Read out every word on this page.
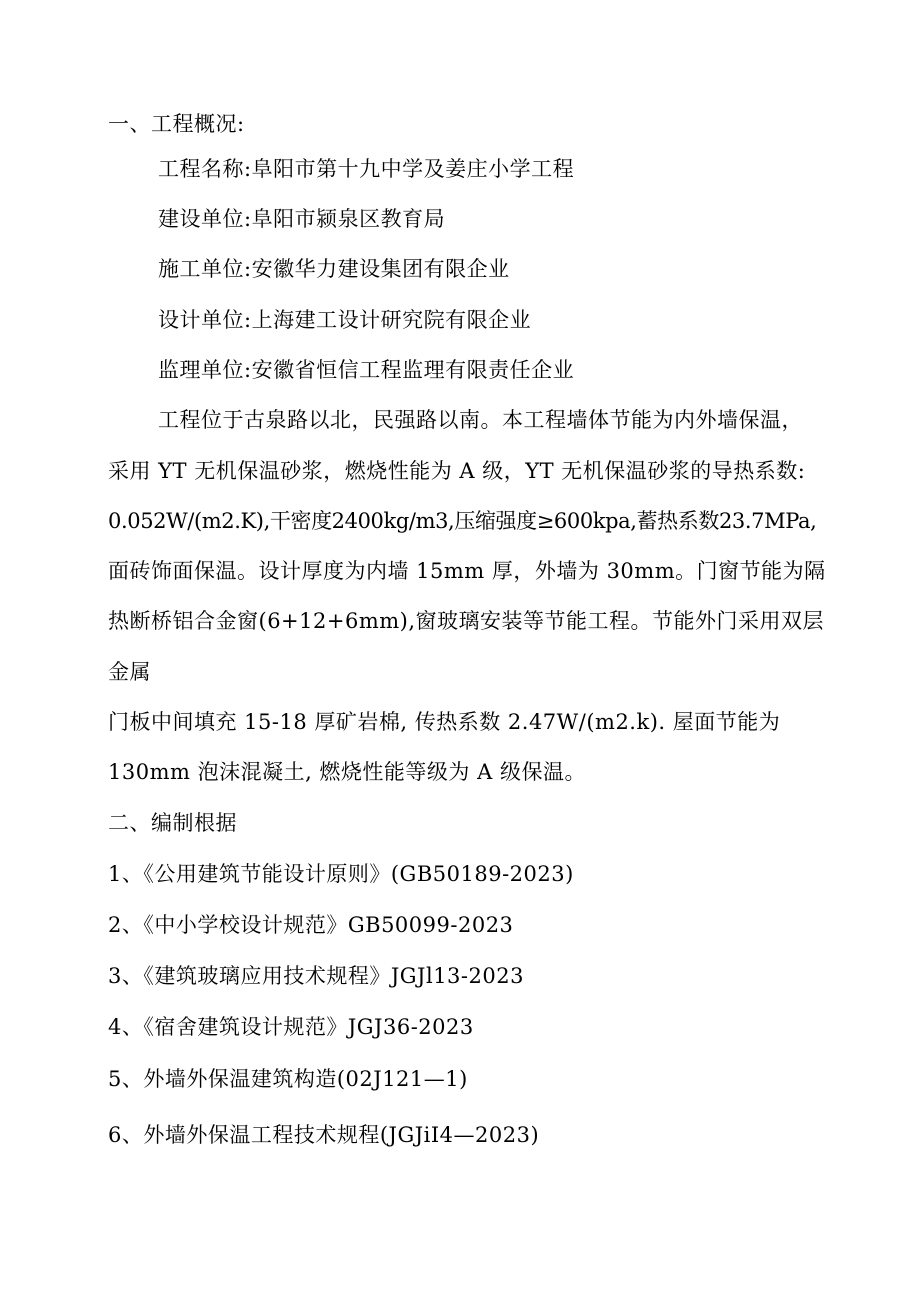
一、工程概况:
工程名称:阜阳市第十九中学及姜庄小学工程
建设单位:阜阳市颍泉区教育局
施工单位:安徽华力建设集团有限企业
设计单位:上海建工设计研究院有限企业
监理单位:安徽省恒信工程监理有限责任企业
工程位于古泉路以北，民强路以南。本工程墙体节能为内外墙保温，
采用 YT 无机保温砂浆，燃烧性能为 A 级，YT 无机保温砂浆的导热系数:
0.052W/(m2.K),干密度2400kg/m3,压缩强度≥600kpa,蓄热系数23.7MPa,
面砖饰面保温。设计厚度为内墙 15mm 厚，外墙为 30mm。门窗节能为隔
热断桥铝合金窗(6+12+6mm),窗玻璃安装等节能工程。节能外门采用双层
金属
门板中间填充 15-18 厚矿岩棉, 传热系数 2.47W/(m2.k). 屋面节能为
130mm 泡沫混凝土, 燃烧性能等级为 A 级保温。
二、编制根据
1、《公用建筑节能设计原则》(GB50189-2023)
2、《中小学校设计规范》GB50099-2023
3、《建筑玻璃应用技术规程》JGJl13-2023
4、《宿舍建筑设计规范》JGJ36-2023
5、外墙外保温建筑构造(02J121—1)
6、外墙外保温工程技术规程(JGJiI4—2023)
